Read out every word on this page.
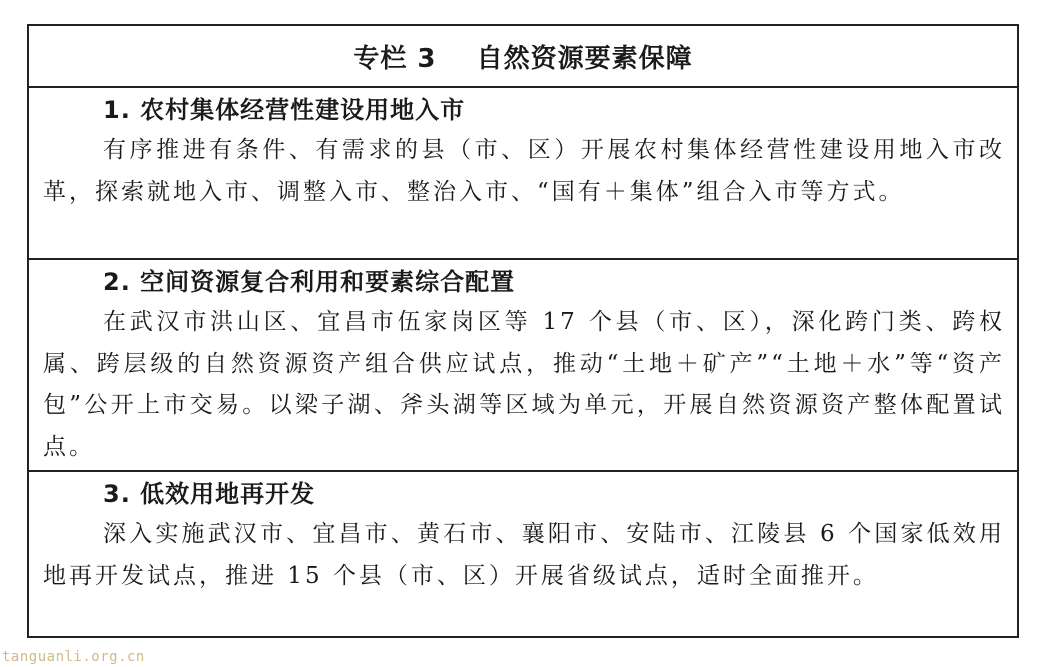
专栏 3    自然资源要素保障
1. 农村集体经营性建设用地入市

有序推进有条件、有需求的县（市、区）开展农村集体经营性建设用地入市改革，探索就地入市、调整入市、整治入市、“国有＋集体”组合入市等方式。

2. 空间资源复合利用和要素综合配置

在武汉市洪山区、宜昌市伍家岗区等 17 个县（市、区），深化跨门类、跨权属、跨层级的自然资源资产组合供应试点，推动“土地＋矿产”“土地＋水”等“资产包”公开上市交易。以梁子湖、斧头湖等区域为单元，开展自然资源资产整体配置试点。

3. 低效用地再开发

深入实施武汉市、宜昌市、黄石市、襄阳市、安陆市、江陵县 6 个国家低效用地再开发试点，推进 15 个县（市、区）开展省级试点，适时全面推开。

tanguanli.org.cn
